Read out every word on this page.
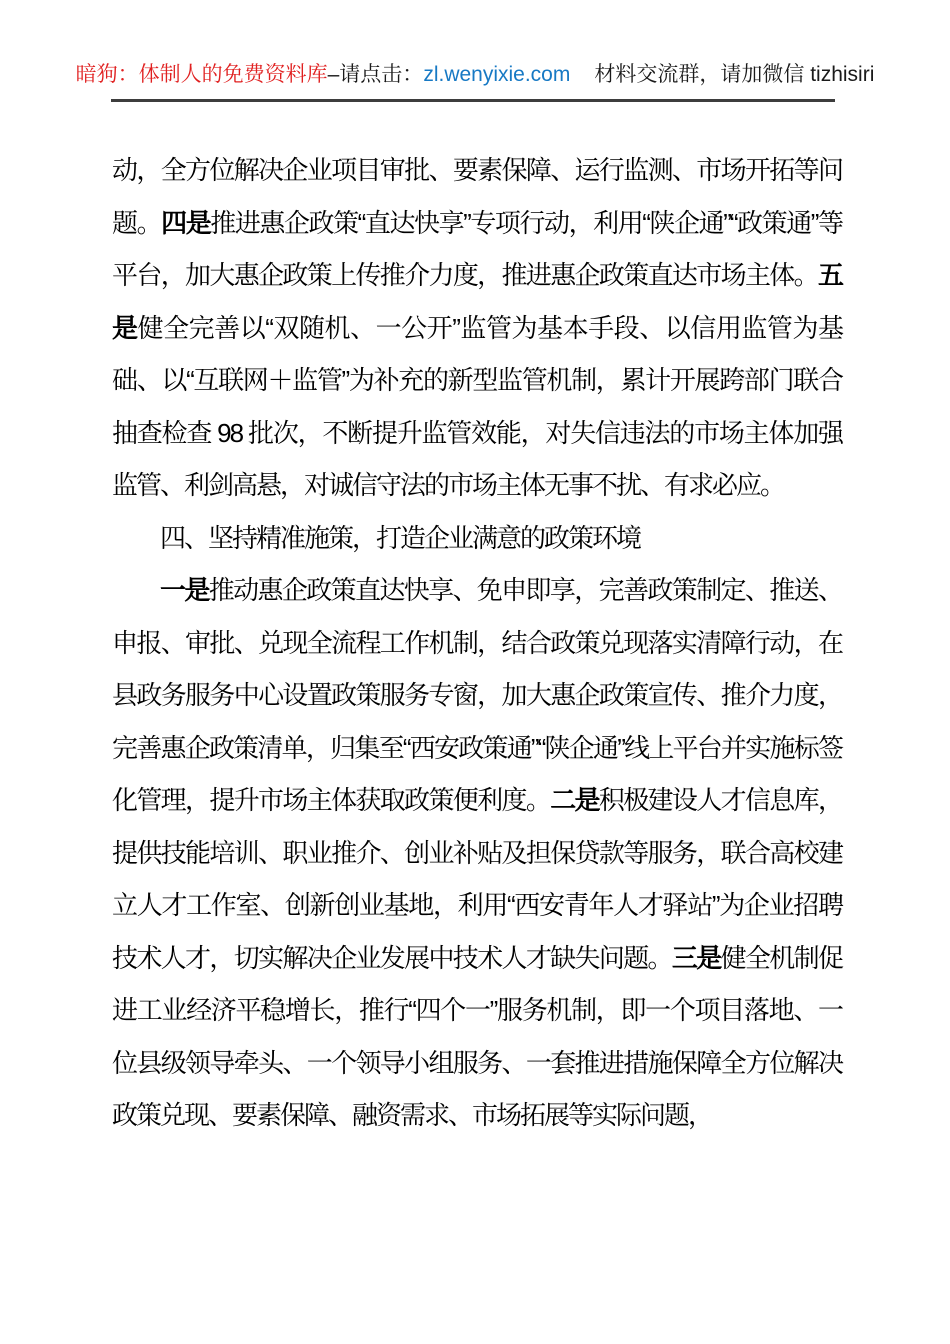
暗狗：体制人的免费资料库–请点击：zl.wenyixie.com 材料交流群，请加微信 tizhisiri

动，全方位解决企业项目审批、要素保障、运行监测、市场开拓等问题。四是推进惠企政策“直达快享”专项行动，利用“陕企通”“政策通”等平台，加大惠企政策上传推介力度，推进惠企政策直达市场主体。五是健全完善以“双随机、一公开”监管为基本手段、以信用监管为基础、以“互联网＋监管”为补充的新型监管机制，累计开展跨部门联合抽查检查 98 批次，不断提升监管效能，对失信违法的市场主体加强监管、利剑高悬，对诚信守法的市场主体无事不扰、有求必应。

四、坚持精准施策，打造企业满意的政策环境

一是推动惠企政策直达快享、免申即享，完善政策制定、推送、申报、审批、兑现全流程工作机制，结合政策兑现落实清障行动，在县政务服务中心设置政策服务专窗，加大惠企政策宣传、推介力度，完善惠企政策清单，归集至“西安政策通”“陕企通”线上平台并实施标签化管理，提升市场主体获取政策便利度。二是积极建设人才信息库，提供技能培训、职业推介、创业补贴及担保贷款等服务，联合高校建立人才工作室、创新创业基地，利用“西安青年人才驿站”为企业招聘技术人才，切实解决企业发展中技术人才缺失问题。三是健全机制促进工业经济平稳增长，推行“四个一”服务机制，即一个项目落地、一位县级领导牵头、一个领导小组服务、一套推进措施保障全方位解决政策兑现、要素保障、融资需求、市场拓展等实际问题，
